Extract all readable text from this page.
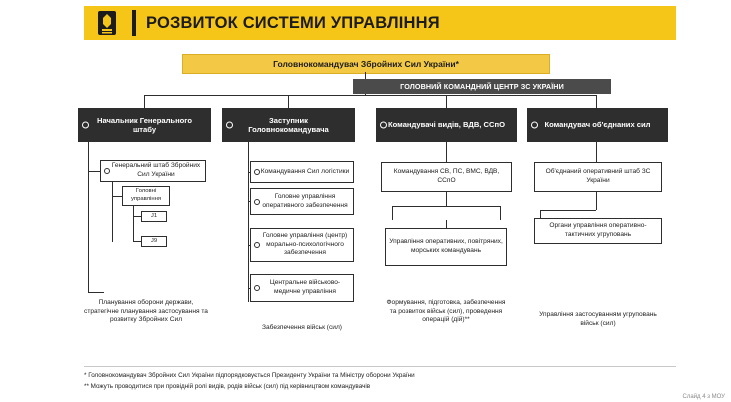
РОЗВИТОК СИСТЕМИ УПРАВЛІННЯ
Головнокомандувач Збройних Сил України*
ГОЛОВНИЙ КОМАНДНИЙ ЦЕНТР ЗС УКРАЇНИ
Начальник Генерального штабу
Заступник Головнокомандувача
Командувачі видів, ВДВ, ССпО	Командувач об'єднаних сил
Генеральний штаб Збройних Сил України
Головні управління
J1
J9
Планування оборони держави, стратегічне планування застосування та розвитку Збройних Сил
Командування Сил логістики
Головне управління оперативного забезпечення
Головне управління (центр) морально-психологічного забезпечення
Центральне військово-медичне управління
Забезпечення військ (сил)
Командування СВ, ПС, ВМС, ВДВ, ССпО
Управління оперативних, повітряних, морських командувань
Формування, підготовка, забезпечення та розвиток військ (сил), проведення операцій (дій)**
Об'єднаний оперативний штаб ЗС України
Органи управління оперативно-тактичних угруповань
Управління застосуванням угруповань військ (сил)
* Головнокомандувач Збройних Сил України підпорядковується Президенту України та Міністру оборони України
** Можуть проводитися при провідній ролі видів, родів військ (сил) під керівництвом командувачів
Слайд 4 з МОУ
